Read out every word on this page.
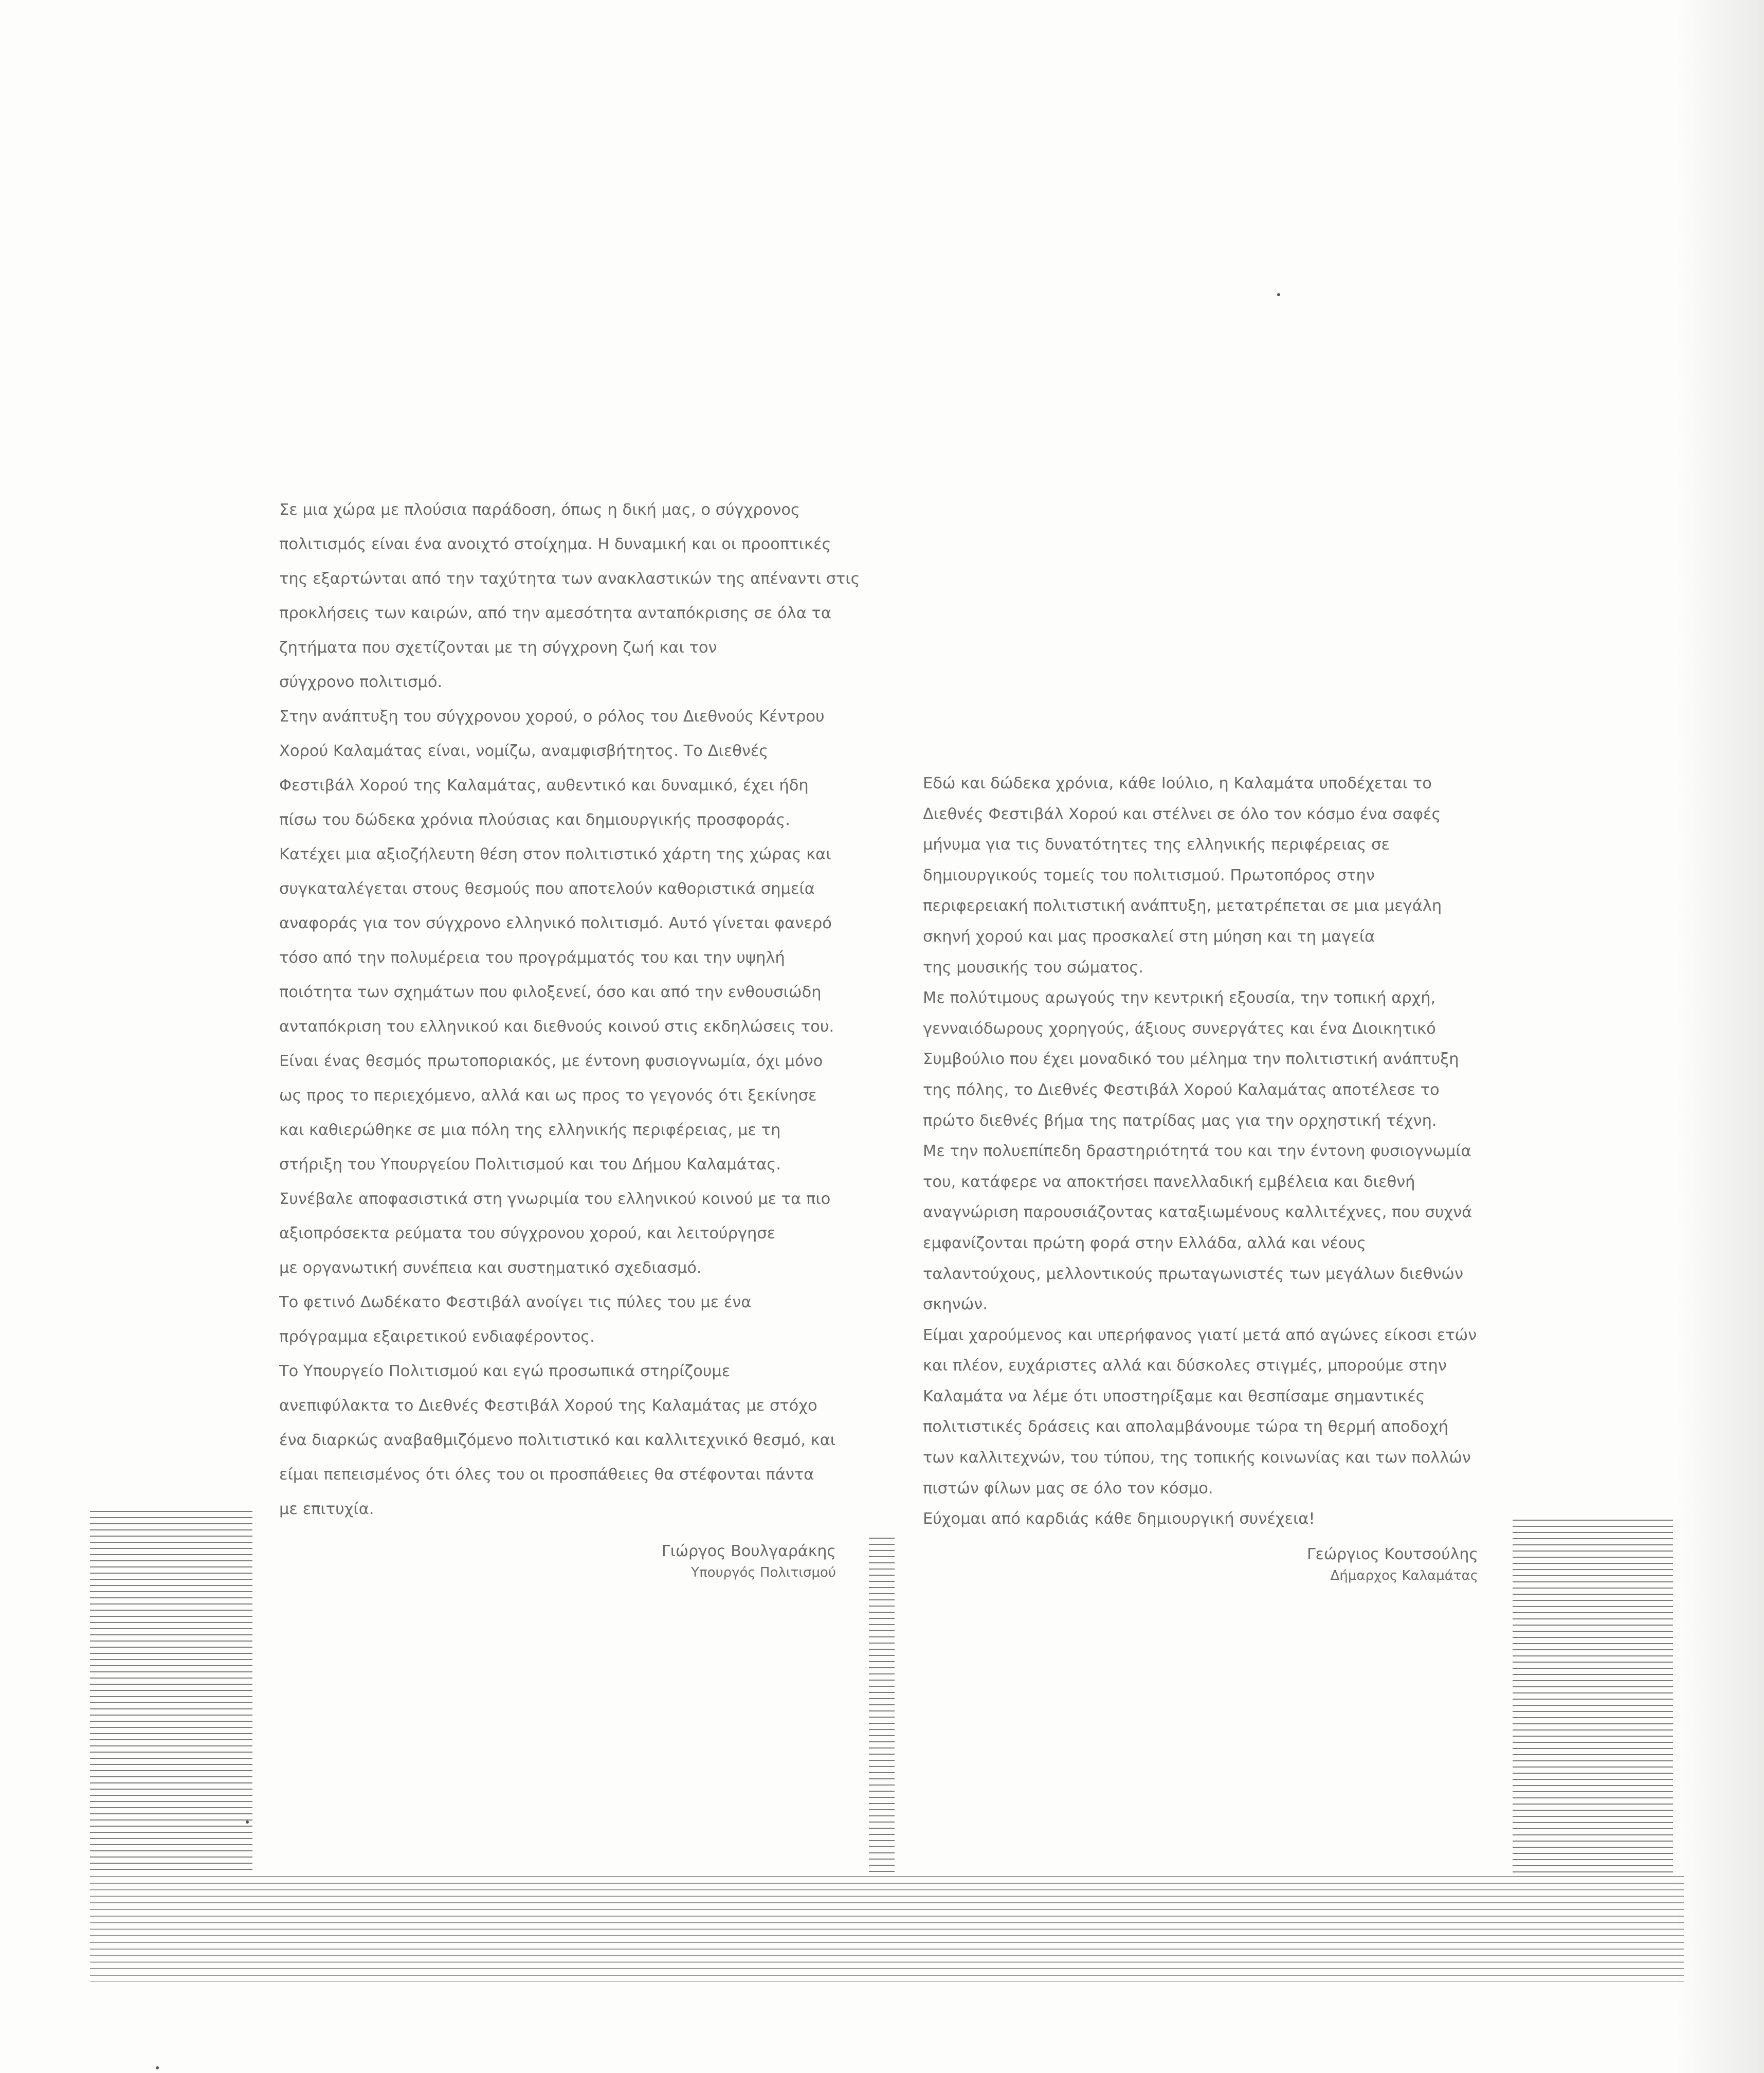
Σε μια χώρα με πλούσια παράδοση, όπως η δική μας, ο σύγχρονος

πολιτισμός είναι ένα ανοιχτό στοίχημα. Η δυναμική και οι προοπτικές

της εξαρτώνται από την ταχύτητα των ανακλαστικών της απέναντι στις

προκλήσεις των καιρών, από την αμεσότητα ανταπόκρισης σε όλα τα

ζητήματα που σχετίζονται με τη σύγχρονη ζωή και τον

σύγχρονο πολιτισμό.

Στην ανάπτυξη του σύγχρονου χορού, ο ρόλος του Διεθνούς Κέντρου

Χορού Καλαμάτας είναι, νομίζω, αναμφισβήτητος. Το Διεθνές

Φεστιβάλ Χορού της Καλαμάτας, αυθεντικό και δυναμικό, έχει ήδη

πίσω του δώδεκα χρόνια πλούσιας και δημιουργικής προσφοράς.

Κατέχει μια αξιοζήλευτη θέση στον πολιτιστικό χάρτη της χώρας και

συγκαταλέγεται στους θεσμούς που αποτελούν καθοριστικά σημεία

αναφοράς για τον σύγχρονο ελληνικό πολιτισμό. Αυτό γίνεται φανερό

τόσο από την πολυμέρεια του προγράμματός του και την υψηλή

ποιότητα των σχημάτων που φιλοξενεί, όσο και από την ενθουσιώδη

ανταπόκριση του ελληνικού και διεθνούς κοινού στις εκδηλώσεις του.

Είναι ένας θεσμός πρωτοποριακός, με έντονη φυσιογνωμία, όχι μόνο

ως προς το περιεχόμενο, αλλά και ως προς το γεγονός ότι ξεκίνησε

και καθιερώθηκε σε μια πόλη της ελληνικής περιφέρειας, με τη

στήριξη του Υπουργείου Πολιτισμού και του Δήμου Καλαμάτας.

Συνέβαλε αποφασιστικά στη γνωριμία του ελληνικού κοινού με τα πιο

αξιοπρόσεκτα ρεύματα του σύγχρονου χορού, και λειτούργησε

με οργανωτική συνέπεια και συστηματικό σχεδιασμό.

Το φετινό Δωδέκατο Φεστιβάλ ανοίγει τις πύλες του με ένα

πρόγραμμα εξαιρετικού ενδιαφέροντος.

Το Υπουργείο Πολιτισμού και εγώ προσωπικά στηρίζουμε

ανεπιφύλακτα το Διεθνές Φεστιβάλ Χορού της Καλαμάτας με στόχο

ένα διαρκώς αναβαθμιζόμενο πολιτιστικό και καλλιτεχνικό θεσμό, και

είμαι πεπεισμένος ότι όλες του οι προσπάθειες θα στέφονται πάντα

με επιτυχία.

Γιώργος Βουλγαράκης
Υπουργός Πολιτισμού

Εδώ και δώδεκα χρόνια, κάθε Ιούλιο, η Καλαμάτα υποδέχεται το

Διεθνές Φεστιβάλ Χορού και στέλνει σε όλο τον κόσμο ένα σαφές

μήνυμα για τις δυνατότητες της ελληνικής περιφέρειας σε

δημιουργικούς τομείς του πολιτισμού. Πρωτοπόρος στην

περιφερειακή πολιτιστική ανάπτυξη, μετατρέπεται σε μια μεγάλη

σκηνή χορού και μας προσκαλεί στη μύηση και τη μαγεία

της μουσικής του σώματος.

Με πολύτιμους αρωγούς την κεντρική εξουσία, την τοπική αρχή,

γενναιόδωρους χορηγούς, άξιους συνεργάτες και ένα Διοικητικό

Συμβούλιο που έχει μοναδικό του μέλημα την πολιτιστική ανάπτυξη

της πόλης, το Διεθνές Φεστιβάλ Χορού Καλαμάτας αποτέλεσε το

πρώτο διεθνές βήμα της πατρίδας μας για την ορχηστική τέχνη.

Με την πολυεπίπεδη δραστηριότητά του και την έντονη φυσιογνωμία

του, κατάφερε να αποκτήσει πανελλαδική εμβέλεια και διεθνή

αναγνώριση παρουσιάζοντας καταξιωμένους καλλιτέχνες, που συχνά

εμφανίζονται πρώτη φορά στην Ελλάδα, αλλά και νέους

ταλαντούχους, μελλοντικούς πρωταγωνιστές των μεγάλων διεθνών

σκηνών.

Είμαι χαρούμενος και υπερήφανος γιατί μετά από αγώνες είκοσι ετών

και πλέον, ευχάριστες αλλά και δύσκολες στιγμές, μπορούμε στην

Καλαμάτα να λέμε ότι υποστηρίξαμε και θεσπίσαμε σημαντικές

πολιτιστικές δράσεις και απολαμβάνουμε τώρα τη θερμή αποδοχή

των καλλιτεχνών, του τύπου, της τοπικής κοινωνίας και των πολλών

πιστών φίλων μας σε όλο τον κόσμο.

Εύχομαι από καρδιάς κάθε δημιουργική συνέχεια!

Γεώργιος Κουτσούλης
Δήμαρχος Καλαμάτας
